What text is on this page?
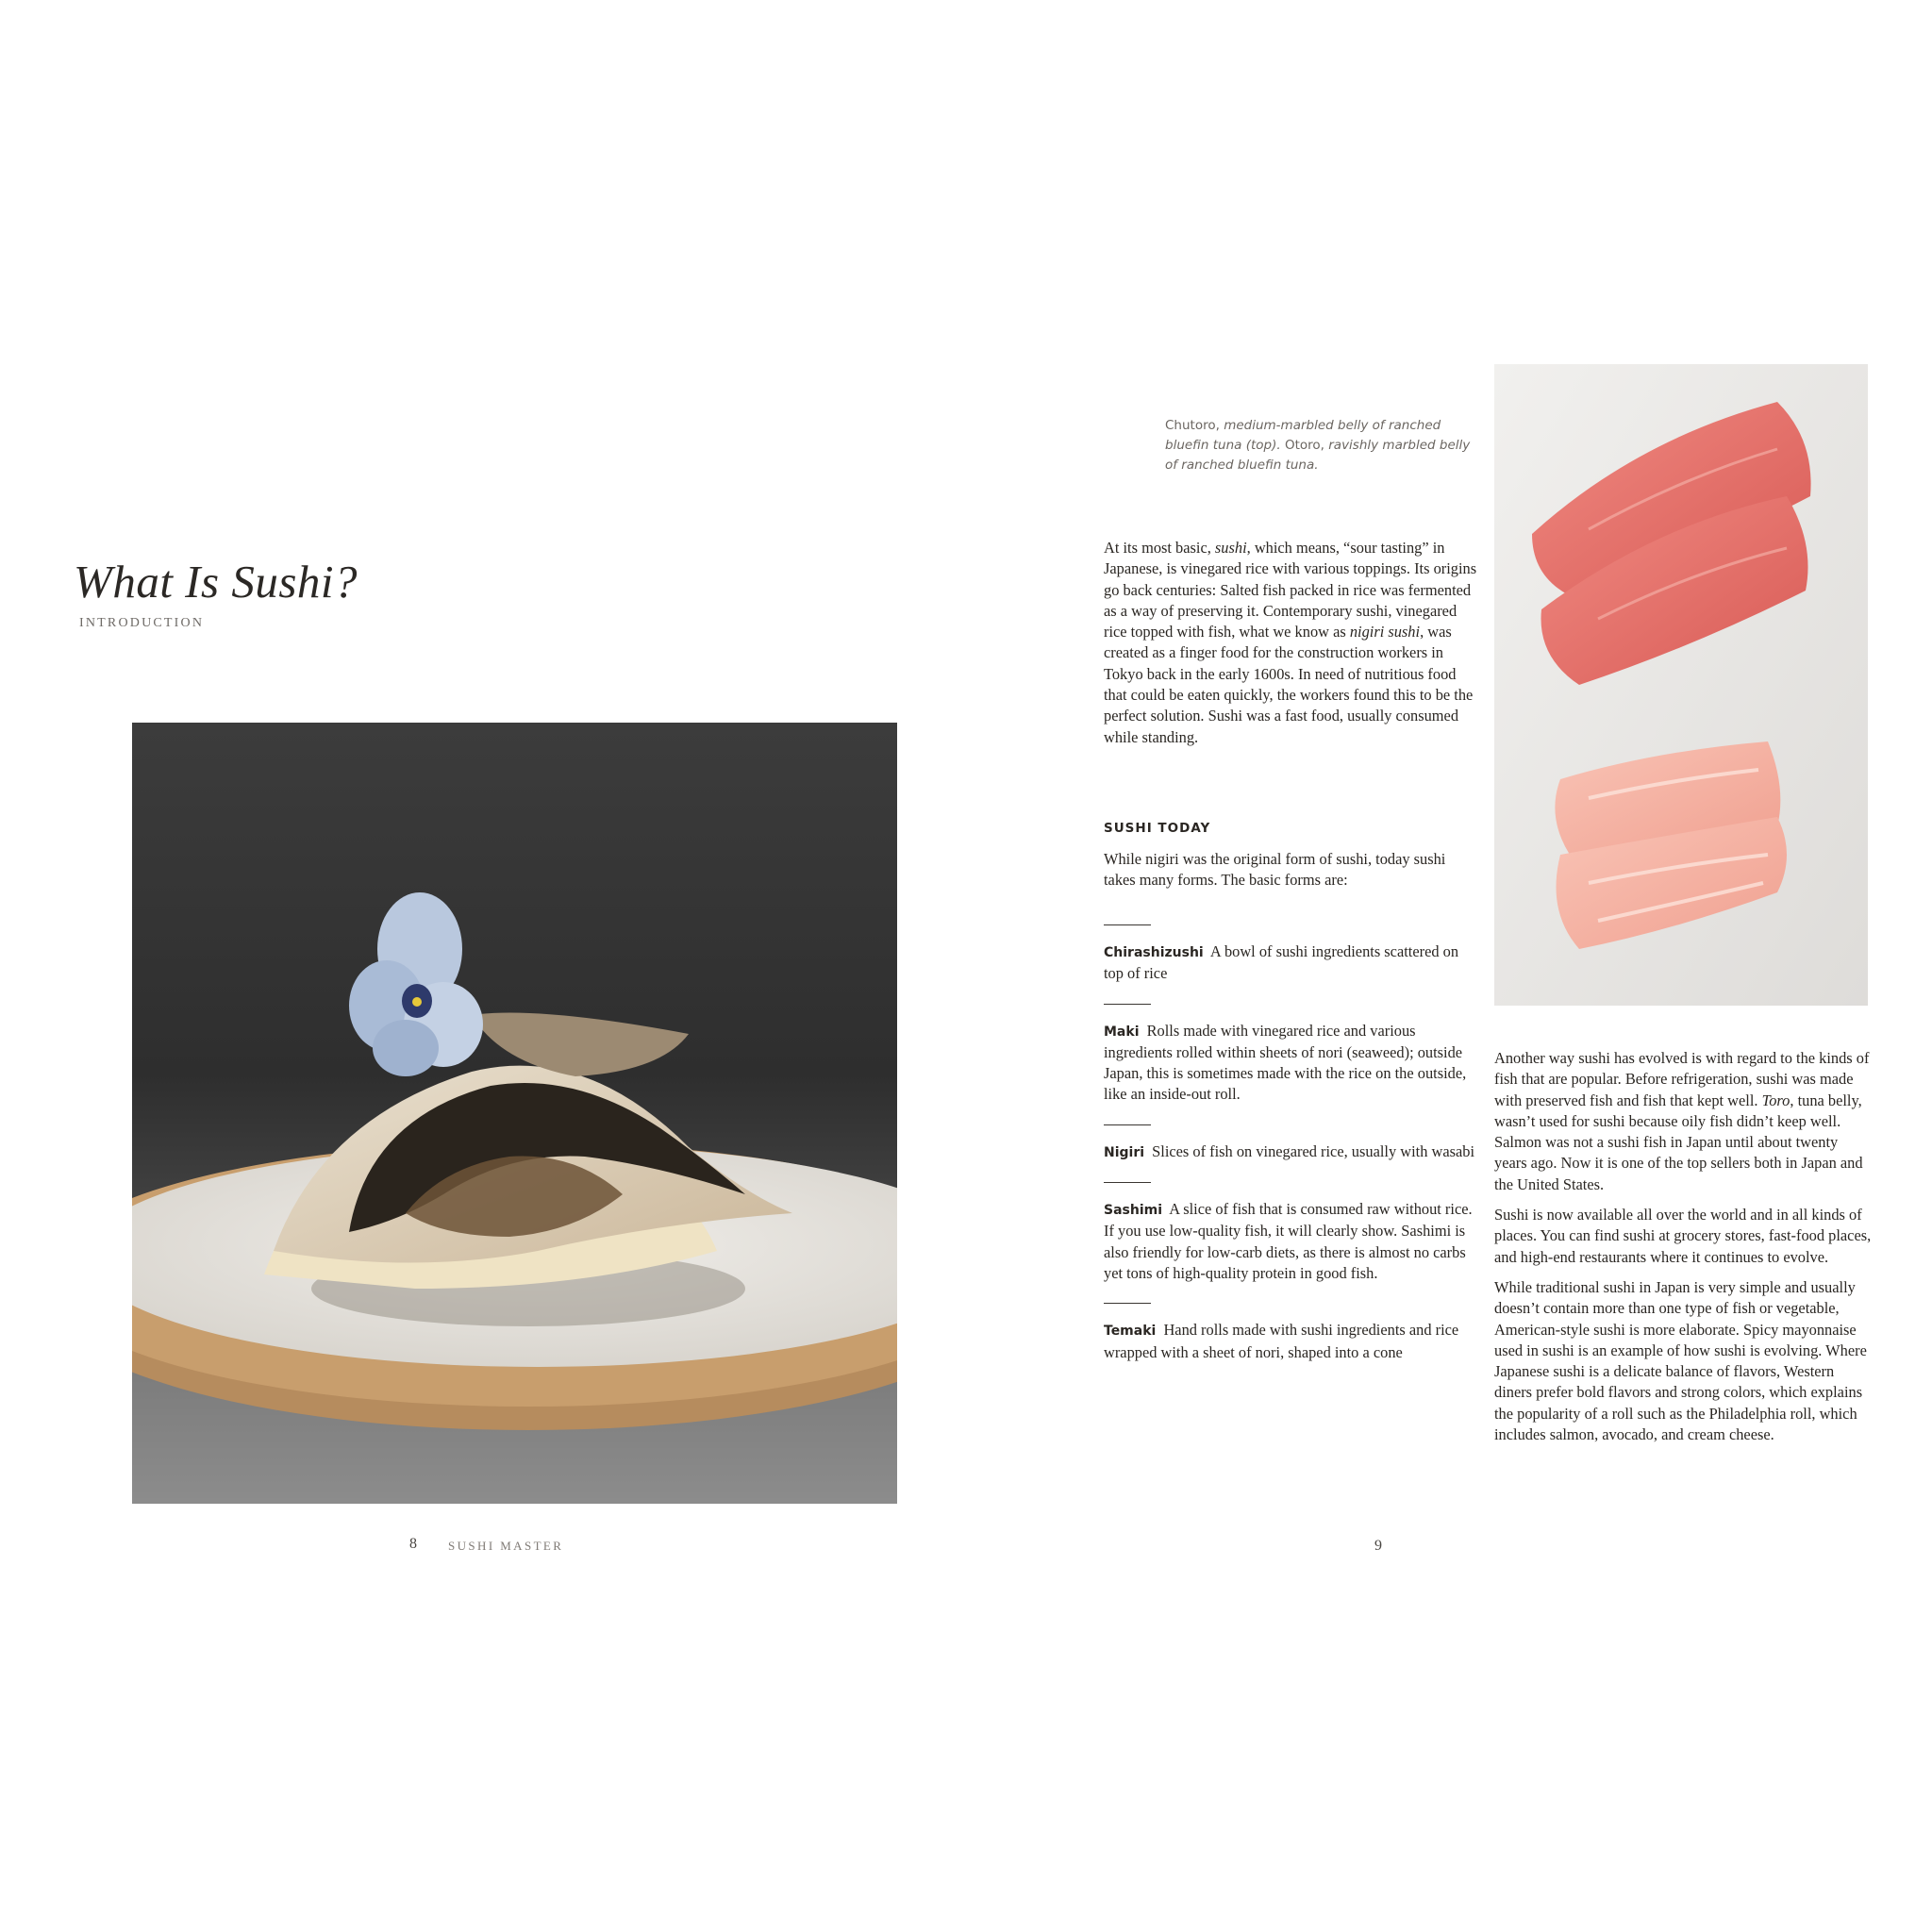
What Is Sushi?
INTRODUCTION
8	SUSHI MASTER
Chutoro, medium-marbled belly of ranched bluefin tuna (top). Otoro, ravishly marbled belly of ranched bluefin tuna.

At its most basic, sushi, which means, “sour tasting” in Japanese, is vinegared rice with various toppings. Its origins go back centuries: Salted fish packed in rice was fermented as a way of preserving it. Contemporary sushi, vinegared rice topped with fish, what we know as nigiri sushi, was created as a finger food for the construction workers in Tokyo back in the early 1600s. In need of nutritious food that could be eaten quickly, the workers found this to be the perfect solution. Sushi was a fast food, usually consumed while standing.

SUSHI TODAY

While nigiri was the original form of sushi, today sushi takes many forms. The basic forms are:

Chirashizushi A bowl of sushi ingredients scattered on top of rice
Maki Rolls made with vinegared rice and various ingredients rolled within sheets of nori (seaweed); outside Japan, this is sometimes made with the rice on the outside, like an inside-out roll.
Nigiri Slices of fish on vinegared rice, usually with wasabi
Sashimi A slice of fish that is consumed raw without rice. If you use low-quality fish, it will clearly show. Sashimi is also friendly for low-carb diets, as there is almost no carbs yet tons of high-quality protein in good fish.
Temaki Hand rolls made with sushi ingredients and rice wrapped with a sheet of nori, shaped into a cone

Another way sushi has evolved is with regard to the kinds of fish that are popular. Before refrigeration, sushi was made with preserved fish and fish that kept well. Toro, tuna belly, wasn’t used for sushi because oily fish didn’t keep well. Salmon was not a sushi fish in Japan until about twenty years ago. Now it is one of the top sellers both in Japan and the United States.

Sushi is now available all over the world and in all kinds of places. You can find sushi at grocery stores, fast-food places, and high-end restaurants where it continues to evolve.

While traditional sushi in Japan is very simple and usually doesn’t contain more than one type of fish or vegetable, American-style sushi is more elaborate. Spicy mayonnaise used in sushi is an example of how sushi is evolving. Where Japanese sushi is a delicate balance of flavors, Western diners prefer bold flavors and strong colors, which explains the popularity of a roll such as the Philadelphia roll, which includes salmon, avocado, and cream cheese.

9
